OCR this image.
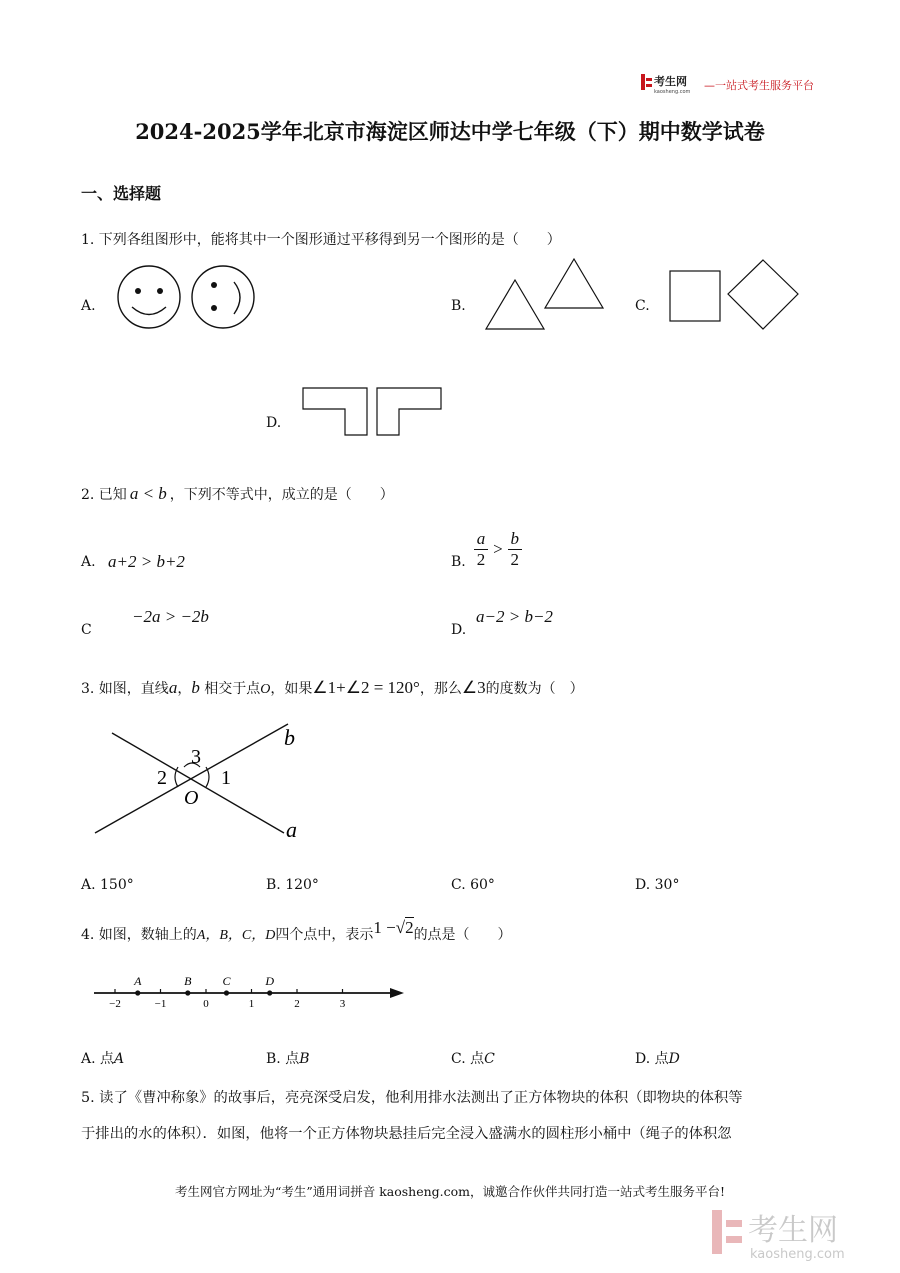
考生网
kaosheng.com —一站式考生服务平台
2024-2025学年北京市海淀区师达中学七年级（下）期中数学试卷
一、选择题
1. 下列各组图形中，能将其中一个图形通过平移得到另一个图形的是（　　）
A.	B.	C.
D.
2. 已知 a < b ，下列不等式中，成立的是（　　）
A. a+2 > b+2	B. $\frac{a}{2} > \frac{b}{2}$
C
−2a > −2b
D.
a−2 > b−2
3. 如图，直线a，b 相交于点O，如果∠1+∠2 = 120°，那么∠3的度数为（　）
b
a
1
2
3
O
A. 150°	B. 120°	C. 60°	D. 30°
4. 如图，数轴上的A，B，C，D四个点中，表示1 −√2的点是（　　）
−2	−1	0	1	2	3
A	B	C	D
A. 点A	B. 点B	C. 点C	D. 点D
5. 读了《曹冲称象》的故事后，亮亮深受启发，他利用排水法测出了正方体物块的体积（即物块的体积等
于排出的水的体积）．如图，他将一个正方体物块悬挂后完全浸入盛满水的圆柱形小桶中（绳子的体积忽
考生网官方网址为“考生”通用词拼音 kaosheng.com，诚邀合作伙伴共同打造一站式考生服务平台!
考生网
kaosheng.com
